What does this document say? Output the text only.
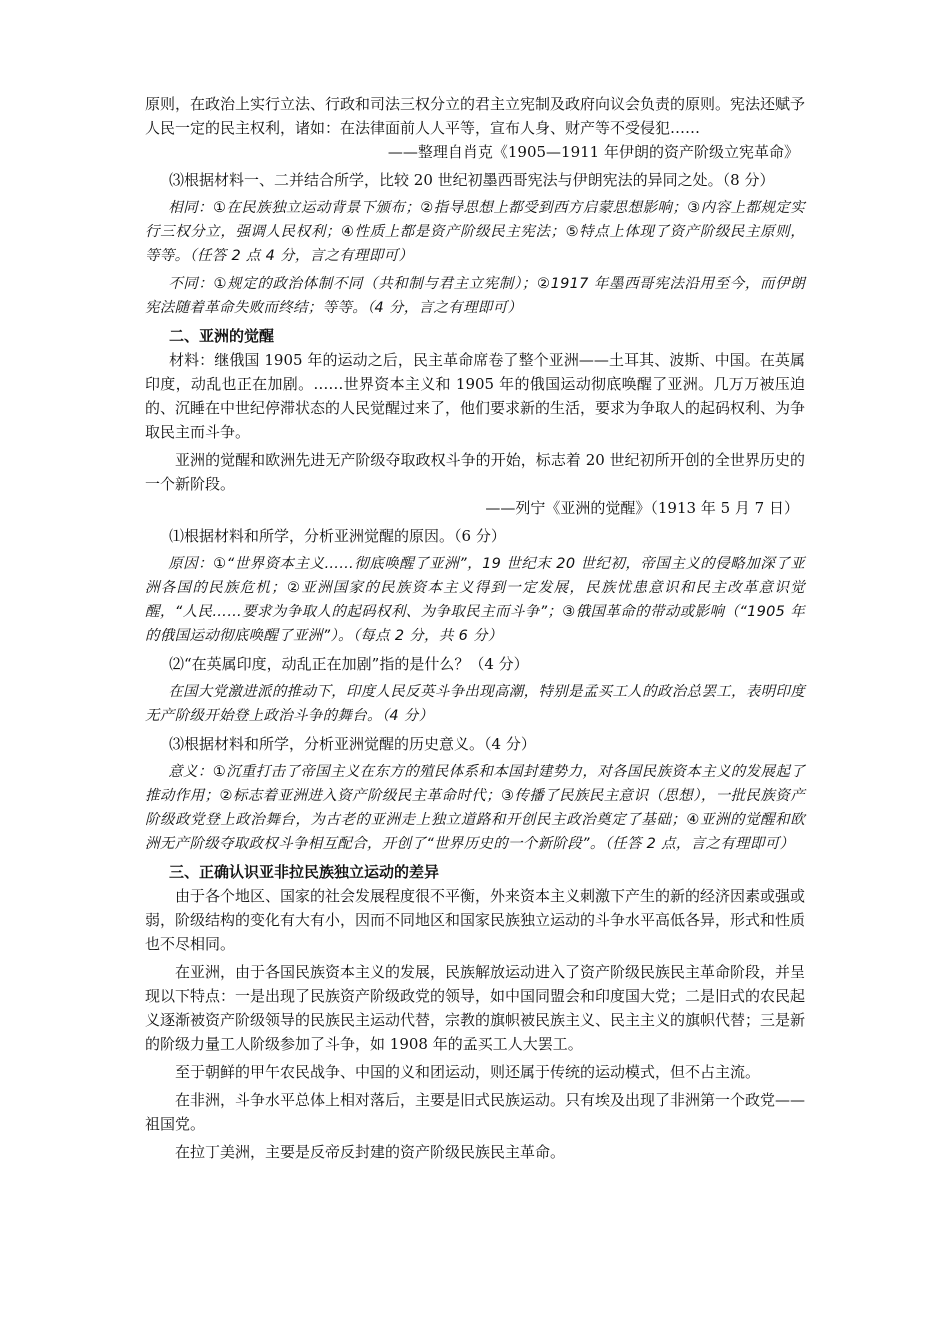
原则，在政治上实行立法、行政和司法三权分立的君主立宪制及政府向议会负责的原则。宪法还赋予人民一定的民主权利，诸如：在法律面前人人平等，宣布人身、财产等不受侵犯……

——整理自肖克《1905—1911 年伊朗的资产阶级立宪革命》

⑶根据材料一、二并结合所学，比较 20 世纪初墨西哥宪法与伊朗宪法的异同之处。（8 分）

相同：①在民族独立运动背景下颁布；②指导思想上都受到西方启蒙思想影响；③内容上都规定实行三权分立，强调人民权利；④性质上都是资产阶级民主宪法；⑤特点上体现了资产阶级民主原则，等等。（任答 2 点 4 分，言之有理即可）

不同：①规定的政治体制不同（共和制与君主立宪制）；②1917 年墨西哥宪法沿用至今，而伊朗宪法随着革命失败而终结；等等。（4 分，言之有理即可）

二、亚洲的觉醒

材料：继俄国 1905 年的运动之后，民主革命席卷了整个亚洲——土耳其、波斯、中国。在英属印度，动乱也正在加剧。……世界资本主义和 1905 年的俄国运动彻底唤醒了亚洲。几万万被压迫的、沉睡在中世纪停滞状态的人民觉醒过来了，他们要求新的生活，要求为争取人的起码权利、为争取民主而斗争。

亚洲的觉醒和欧洲先进无产阶级夺取政权斗争的开始，标志着 20 世纪初所开创的全世界历史的一个新阶段。

——列宁《亚洲的觉醒》（1913 年 5 月 7 日）

⑴根据材料和所学，分析亚洲觉醒的原因。（6 分）

原因：①“世界资本主义……彻底唤醒了亚洲”，19 世纪末 20 世纪初，帝国主义的侵略加深了亚洲各国的民族危机；②亚洲国家的民族资本主义得到一定发展，民族忧患意识和民主改革意识觉醒，“人民……要求为争取人的起码权利、为争取民主而斗争”；③俄国革命的带动或影响（“1905 年的俄国运动彻底唤醒了亚洲”）。（每点 2 分，共 6 分）

⑵“在英属印度，动乱正在加剧”指的是什么？（4 分）

在国大党激进派的推动下，印度人民反英斗争出现高潮，特别是孟买工人的政治总罢工，表明印度无产阶级开始登上政治斗争的舞台。（4 分）

⑶根据材料和所学，分析亚洲觉醒的历史意义。（4 分）

意义：①沉重打击了帝国主义在东方的殖民体系和本国封建势力，对各国民族资本主义的发展起了推动作用；②标志着亚洲进入资产阶级民主革命时代；③传播了民族民主意识（思想），一批民族资产阶级政党登上政治舞台，为古老的亚洲走上独立道路和开创民主政治奠定了基础；④亚洲的觉醒和欧洲无产阶级夺取政权斗争相互配合，开创了“世界历史的一个新阶段”。（任答 2 点，言之有理即可）

三、正确认识亚非拉民族独立运动的差异

由于各个地区、国家的社会发展程度很不平衡，外来资本主义刺激下产生的新的经济因素或强或弱，阶级结构的变化有大有小，因而不同地区和国家民族独立运动的斗争水平高低各异，形式和性质也不尽相同。

在亚洲，由于各国民族资本主义的发展，民族解放运动进入了资产阶级民族民主革命阶段，并呈现以下特点：一是出现了民族资产阶级政党的领导，如中国同盟会和印度国大党；二是旧式的农民起义逐渐被资产阶级领导的民族民主运动代替，宗教的旗帜被民族主义、民主主义的旗帜代替；三是新的阶级力量工人阶级参加了斗争，如 1908 年的孟买工人大罢工。

至于朝鲜的甲午农民战争、中国的义和团运动，则还属于传统的运动模式，但不占主流。

在非洲，斗争水平总体上相对落后，主要是旧式民族运动。只有埃及出现了非洲第一个政党——祖国党。

在拉丁美洲，主要是反帝反封建的资产阶级民族民主革命。
